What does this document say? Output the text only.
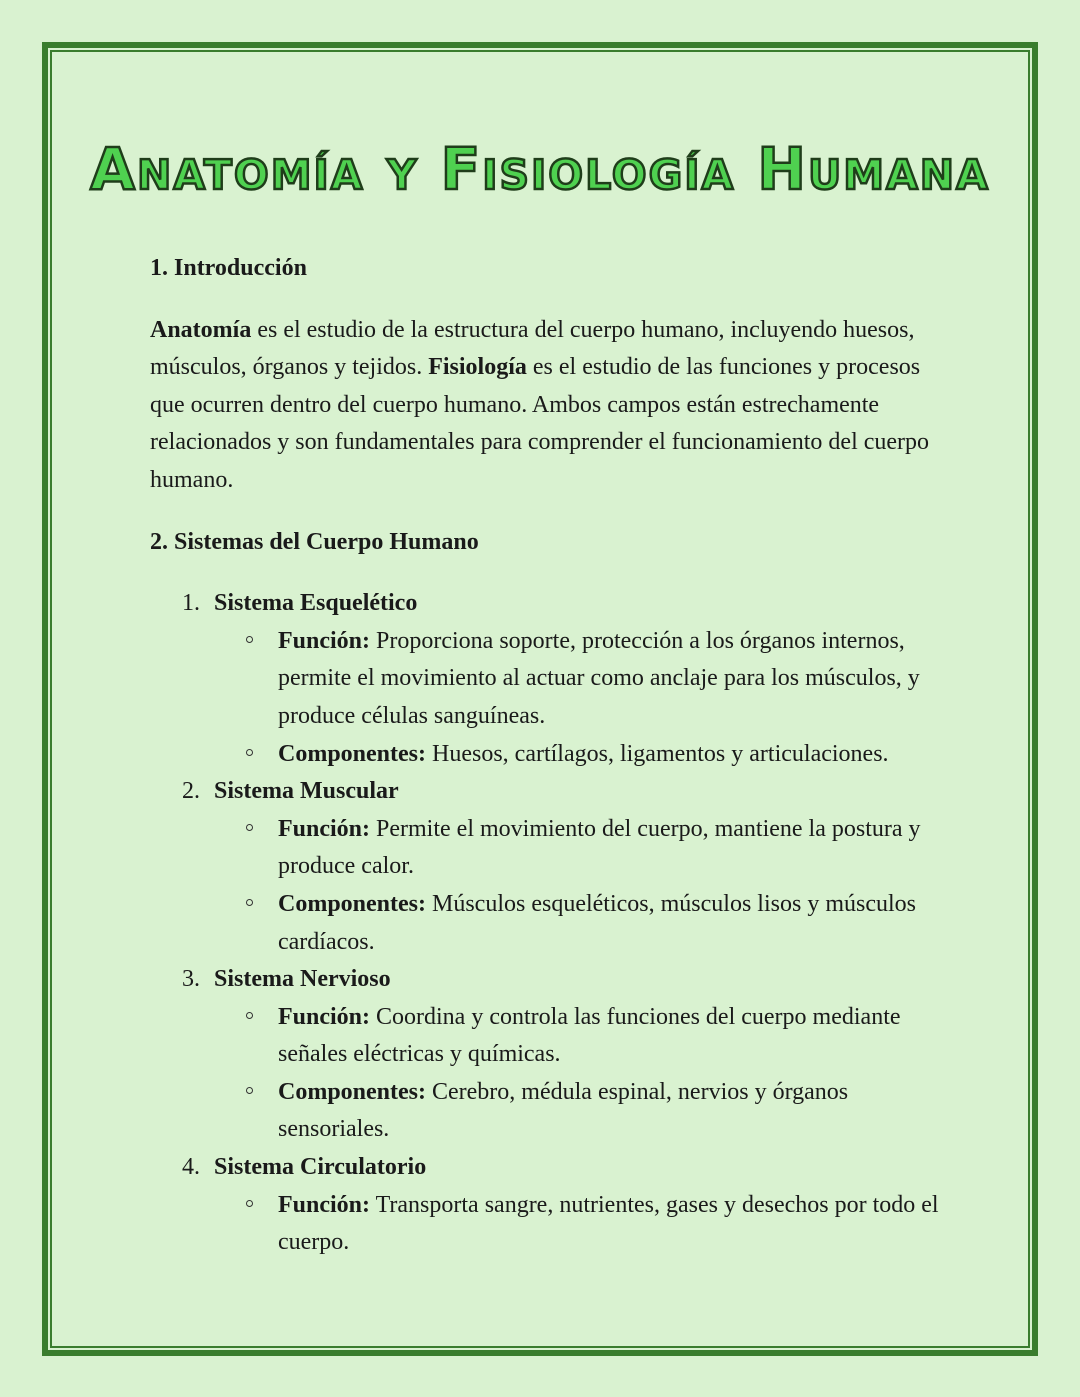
Anatomía y Fisiología Humana

1. Introducción

Anatomía es el estudio de la estructura del cuerpo humano, incluyendo huesos, músculos, órganos y tejidos. Fisiología es el estudio de las funciones y procesos que ocurren dentro del cuerpo humano. Ambos campos están estrechamente relacionados y son fundamentales para comprender el funcionamiento del cuerpo humano.

2. Sistemas del Cuerpo Humano

1. Sistema Esquelético
Función: Proporciona soporte, protección a los órganos internos, permite el movimiento al actuar como anclaje para los músculos, y produce células sanguíneas.
Componentes: Huesos, cartílagos, ligamentos y articulaciones.
2. Sistema Muscular
Función: Permite el movimiento del cuerpo, mantiene la postura y produce calor.
Componentes: Músculos esqueléticos, músculos lisos y músculos cardíacos.
3. Sistema Nervioso
Función: Coordina y controla las funciones del cuerpo mediante señales eléctricas y químicas.
Componentes: Cerebro, médula espinal, nervios y órganos sensoriales.
4. Sistema Circulatorio
Función: Transporta sangre, nutrientes, gases y desechos por todo el cuerpo.
